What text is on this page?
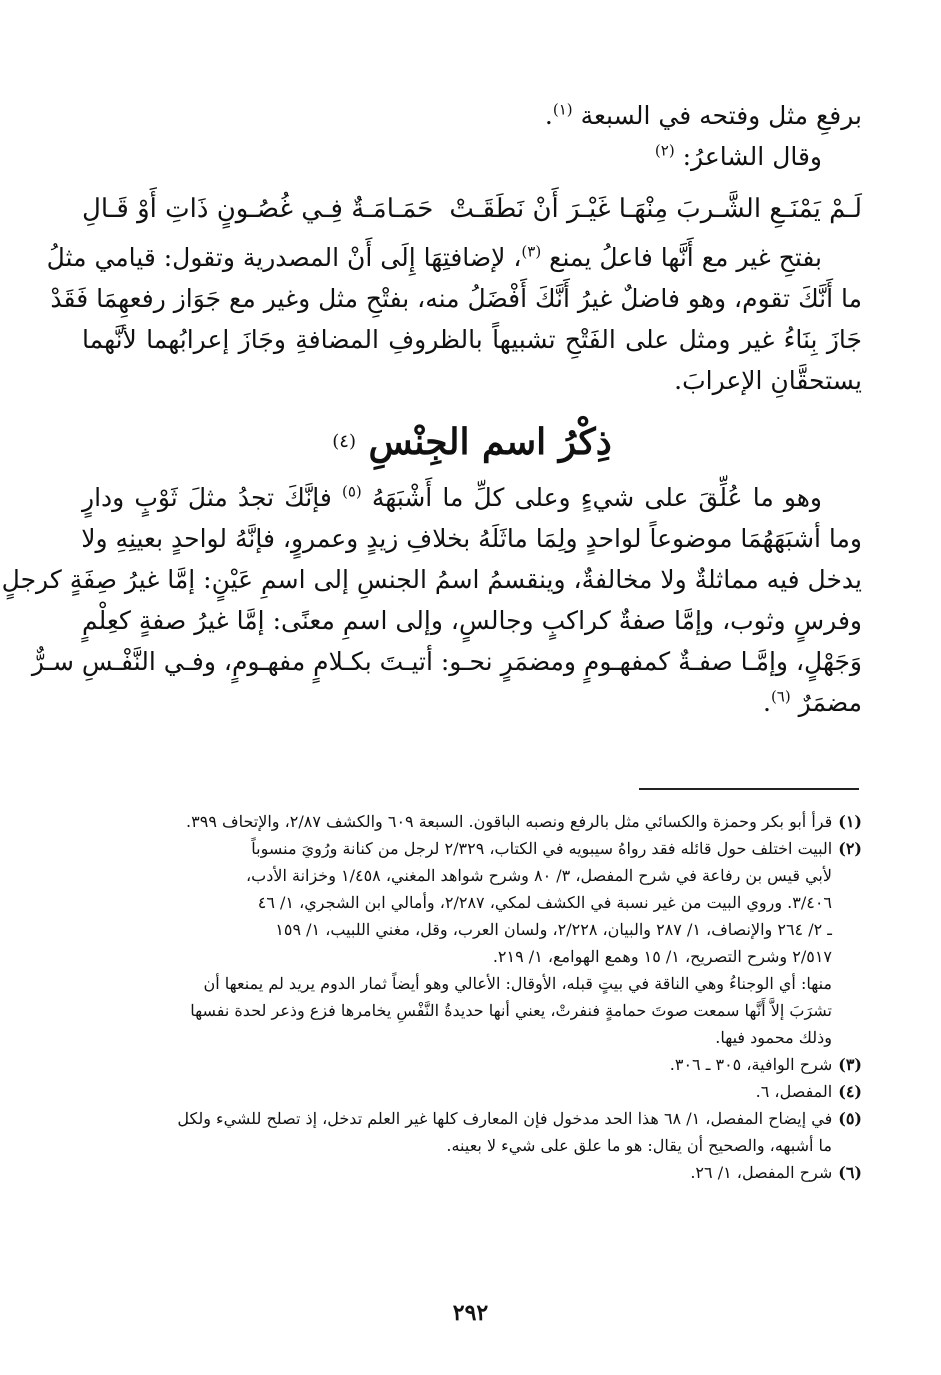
برفعِ مثل وفتحه في السبعة $^{(١)}$.
وقال الشاعرُ: $^{(٢)}$
لَـمْ يَمْنَـعِ الشَّـربَ مِنْهَـا غَيْـرَ أَنْ نَطَقَـتْ
حَمَـامَـةٌ فِـي غُصُـونٍ ذَاتِ أَوْ قَـالِ
بفتحِ غير مع أَنَّها فاعلُ يمنع $^{(٣)}$، لإضافتِهَا إِلَى أَنْ المصدرية وتقول: قيامي مثلُ
ما أَنَّكَ تقوم، وهو فاضلٌ غيرُ أَنَّكَ أَفْضَلُ منه، بفتْحِ مثل وغير مع جَوَاز رفعهِمَا فَقَدْ
جَازَ بِنَاءُ غير ومثل على الفَتْحِ تشبيهاً بالظروفِ المضافةِ وجَازَ إعرابُهما لأنَّهما
يستحقَّانِ الإعرابَ.
ذِكْرُ اسم الجِنْسِ $^{(٤)}$
وهو ما عُلِّقَ على شيءٍ وعلى كلِّ ما أَشْبَهَهُ $^{(٥)}$ فإنَّكَ تجدُ مثلَ ثَوْبٍ ودارٍ
وما أشبَهَهُمَا موضوعاً لواحدٍ ولِمَا ماثَلَهُ بخلافِ زيدٍ وعمروٍ، فإنَّهُ لواحدٍ بعينِهِ ولا
يدخل فيه مماثلةٌ ولا مخالفةٌ، وينقسمُ اسمُ الجنسِ إلى اسمِ عَيْنٍ: إمَّا غيرُ صِفَةٍ كرجلٍ
وفرسٍ وثوب، وإمَّا صفةٌ كراكبٍ وجالسٍ، وإلى اسمِ معنًى: إمَّا غيرُ صفةٍ كعِلْمٍ
وَجَهْلٍ، وإمَّـا صفـةٌ كمفهـومٍ ومضمَرٍ نحـو: أتيـتَ بكـلامٍ مفهـومٍ، وفـي النَّفْـسِ سـرٌّ
مضمَرٌ $^{(٦)}$.
(١)قرأ أبو بكر وحمزة والكسائي مثل بالرفع ونصبه الباقون. السبعة ٦٠٩ والكشف ٢/٨٧، والإتحاف ٣٩٩.
(٢)البيت اختلف حول قائله فقد رواهُ سيبويه في الكتاب، ٢/٣٢٩ لرجل من كنانة ورُويَ منسوباً
لأبي قيس بن رفاعة في شرح المفصل، ٣/ ٨٠ وشرح شواهد المغني، ١/٤٥٨ وخزانة الأدب،
٣/٤٠٦. وروي البيت من غير نسبة في الكشف لمكي، ٢/٢٨٧، وأمالي ابن الشجري، ١/ ٤٦
ـ ٢/ ٢٦٤ والإنصاف، ١/ ٢٨٧ والبيان، ٢/٢٢٨، ولسان العرب، وقل، مغني اللبيب، ١/ ١٥٩
٢/٥١٧ وشرح التصريح، ١/ ١٥ وهمع الهوامع، ١/ ٢١٩.
منها: أي الوجناءُ وهي الناقة في بيتٍ قبله، الأوقال: الأعالي وهو أيضاً ثمار الدوم يريد لم يمنعها أن
تشرَبَ إلاَّ أَنَّها سمعت صوتَ حمامةٍ فنفرتْ، يعني أنها حديدةُ النَّفْسِ يخامرها فزع وذعر لحدة نفسها
وذلك محمود فيها.
(٣)شرح الوافية، ٣٠٥ ـ ٣٠٦.
(٤)المفصل، ٦.
(٥)في إيضاح المفصل، ١/ ٦٨ هذا الحد مدخول فإن المعارف كلها غير العلم تدخل، إذ تصلح للشيء ولكل
ما أشبهه، والصحيح أن يقال: هو ما علق على شيء لا بعينه.
(٦)شرح المفصل، ١/ ٢٦.
٢٩٢
